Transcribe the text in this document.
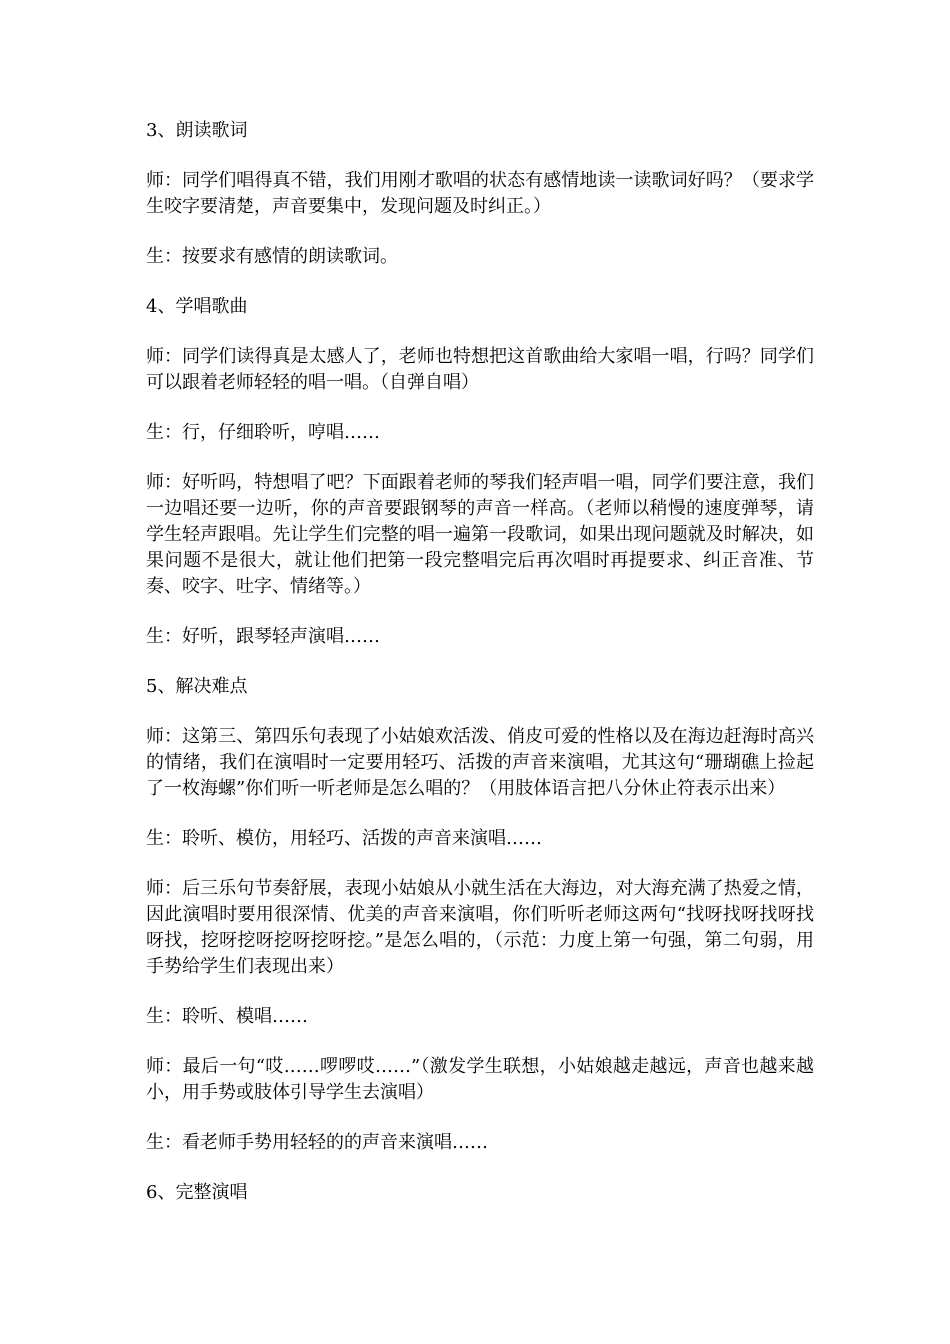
3、朗读歌词

师：同学们唱得真不错，我们用刚才歌唱的状态有感情地读一读歌词好吗？（要求学生咬字要清楚，声音要集中，发现问题及时纠正。）

生：按要求有感情的朗读歌词。

4、学唱歌曲

师：同学们读得真是太感人了，老师也特想把这首歌曲给大家唱一唱，行吗？同学们可以跟着老师轻轻的唱一唱。（自弹自唱）

生：行，仔细聆听，哼唱……

师：好听吗，特想唱了吧？下面跟着老师的琴我们轻声唱一唱，同学们要注意，我们一边唱还要一边听，你的声音要跟钢琴的声音一样高。（老师以稍慢的速度弹琴，请学生轻声跟唱。先让学生们完整的唱一遍第一段歌词，如果出现问题就及时解决，如果问题不是很大，就让他们把第一段完整唱完后再次唱时再提要求、纠正音准、节奏、咬字、吐字、情绪等。）

生：好听，跟琴轻声演唱……

5、解决难点

师：这第三、第四乐句表现了小姑娘欢活泼、俏皮可爱的性格以及在海边赶海时高兴的情绪，我们在演唱时一定要用轻巧、活拨的声音来演唱，尤其这句“珊瑚礁上捡起了一枚海螺”你们听一听老师是怎么唱的？（用肢体语言把八分休止符表示出来）

生：聆听、模仿，用轻巧、活拨的声音来演唱……

师：后三乐句节奏舒展，表现小姑娘从小就生活在大海边，对大海充满了热爱之情，因此演唱时要用很深情、优美的声音来演唱，你们听听老师这两句“找呀找呀找呀找呀找，挖呀挖呀挖呀挖呀挖。”是怎么唱的，（示范：力度上第一句强，第二句弱，用手势给学生们表现出来）

生：聆听、模唱……

师：最后一句“哎……啰啰哎……”（激发学生联想，小姑娘越走越远，声音也越来越小，用手势或肢体引导学生去演唱）

生：看老师手势用轻轻的的声音来演唱……

6、完整演唱
